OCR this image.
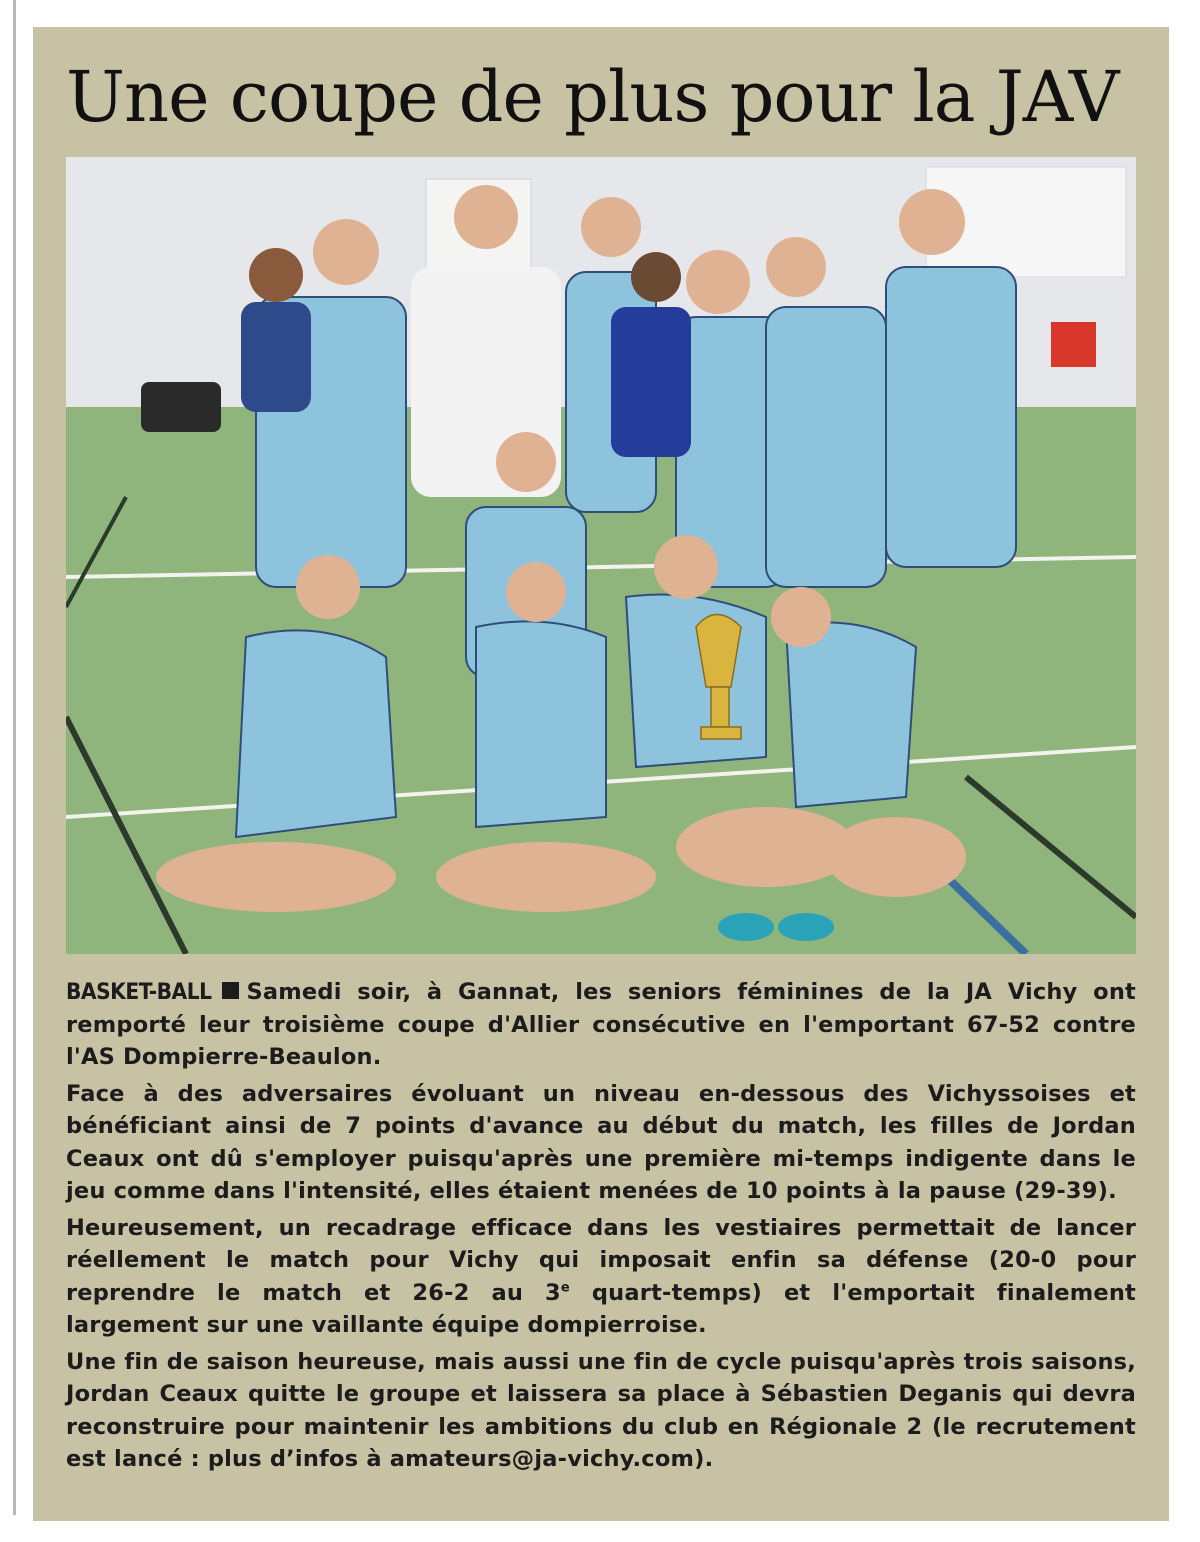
Une coupe de plus pour la JAV

BASKET-BALL Samedi soir, à Gannat, les seniors féminines de la JA Vichy ont remporté leur troisième coupe d'Allier consécutive en l'emportant 67-52 contre l'AS Dompierre-Beaulon.

Face à des adversaires évoluant un niveau en-dessous des Vichyssoises et bénéficiant ainsi de 7 points d'avance au début du match, les filles de Jordan Ceaux ont dû s'employer puisqu'après une première mi-temps indigente dans le jeu comme dans l'intensité, elles étaient menées de 10 points à la pause (29-39).

Heureusement, un recadrage efficace dans les vestiaires permettait de lancer réellement le match pour Vichy qui imposait enfin sa défense (20-0 pour reprendre le match et 26-2 au 3e quart-temps) et l'emportait finalement largement sur une vaillante équipe dompierroise.

Une fin de saison heureuse, mais aussi une fin de cycle puisqu'après trois saisons, Jordan Ceaux quitte le groupe et laissera sa place à Sébastien Deganis qui devra reconstruire pour maintenir les ambitions du club en Régionale 2 (le recrutement est lancé : plus d’infos à amateurs@ja-vichy.com).
